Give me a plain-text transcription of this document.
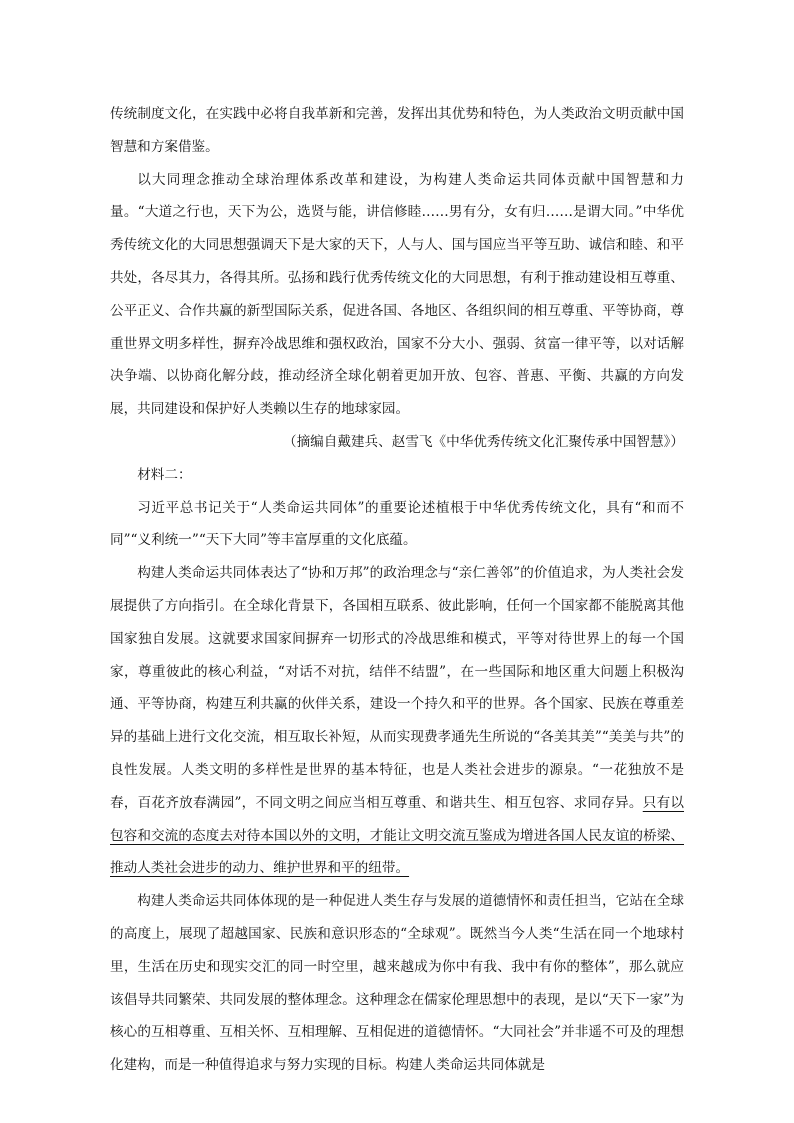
传统制度文化，在实践中必将自我革新和完善，发挥出其优势和特色，为人类政治文明贡献中国智慧和方案借鉴。

以大同理念推动全球治理体系改革和建设，为构建人类命运共同体贡献中国智慧和力量。“大道之行也，天下为公，选贤与能，讲信修睦……男有分，女有归……是谓大同。”中华优秀传统文化的大同思想强调天下是大家的天下，人与人、国与国应当平等互助、诚信和睦、和平共处，各尽其力，各得其所。弘扬和践行优秀传统文化的大同思想，有利于推动建设相互尊重、公平正义、合作共赢的新型国际关系，促进各国、各地区、各组织间的相互尊重、平等协商，尊重世界文明多样性，摒弃冷战思维和强权政治，国家不分大小、强弱、贫富一律平等，以对话解决争端、以协商化解分歧，推动经济全球化朝着更加开放、包容、普惠、平衡、共赢的方向发展，共同建设和保护好人类赖以生存的地球家园。

（摘编自戴建兵、赵雪飞《中华优秀传统文化汇聚传承中国智慧》）

材料二：

习近平总书记关于“人类命运共同体”的重要论述植根于中华优秀传统文化，具有“和而不同”“义利统一”“天下大同”等丰富厚重的文化底蕴。

构建人类命运共同体表达了“协和万邦”的政治理念与“亲仁善邻”的价值追求，为人类社会发展提供了方向指引。在全球化背景下，各国相互联系、彼此影响，任何一个国家都不能脱离其他国家独自发展。这就要求国家间摒弃一切形式的冷战思维和模式，平等对待世界上的每一个国家，尊重彼此的核心利益，“对话不对抗，结伴不结盟”，在一些国际和地区重大问题上积极沟通、平等协商，构建互利共赢的伙伴关系，建设一个持久和平的世界。各个国家、民族在尊重差异的基础上进行文化交流，相互取长补短，从而实现费孝通先生所说的“各美其美”“美美与共”的良性发展。人类文明的多样性是世界的基本特征，也是人类社会进步的源泉。“一花独放不是春，百花齐放春满园”，不同文明之间应当相互尊重、和谐共生、相互包容、求同存异。只有以包容和交流的态度去对待本国以外的文明，才能让文明交流互鉴成为增进各国人民友谊的桥梁、推动人类社会进步的动力、维护世界和平的纽带。

构建人类命运共同体体现的是一种促进人类生存与发展的道德情怀和责任担当，它站在全球的高度上，展现了超越国家、民族和意识形态的“全球观”。既然当今人类“生活在同一个地球村里，生活在历史和现实交汇的同一时空里，越来越成为你中有我、我中有你的整体”，那么就应该倡导共同繁荣、共同发展的整体理念。这种理念在儒家伦理思想中的表现，是以“天下一家”为核心的互相尊重、互相关怀、互相理解、互相促进的道德情怀。“大同社会”并非遥不可及的理想化建构，而是一种值得追求与努力实现的目标。构建人类命运共同体就是
